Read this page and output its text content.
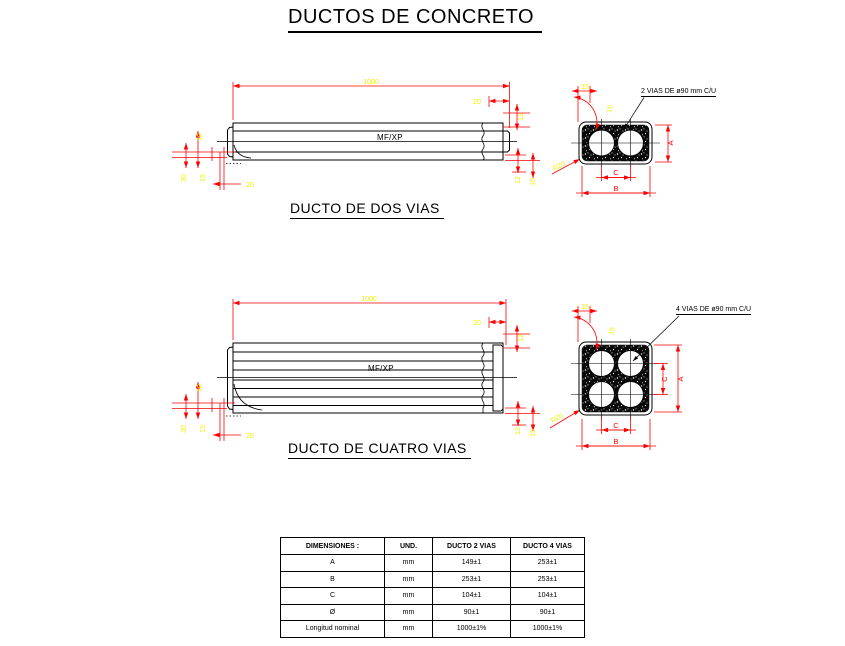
1000
20
12
10
30 15
20
12 15
R20
15
15
A
C
B
1000
20
12
10
30 15
20
12 15
R20
15
15
C A
C
B
DUCTOS DE CONCRETO
MF/XP
2 VIAS DE ø90 mm C/U
DUCTO DE DOS VIAS
MF/XP
4 VIAS DE ø90 mm C/U
DUCTO DE CUATRO VIAS
DIMENSIONES :	UND.	DUCTO 2 VIAS	DUCTO 4 VIAS
A	mm	149±1	253±1
B	mm	253±1	253±1
C	mm	104±1	104±1
Ø	mm	90±1	90±1
Longitud nominal	mm	1000±1%	1000±1%
